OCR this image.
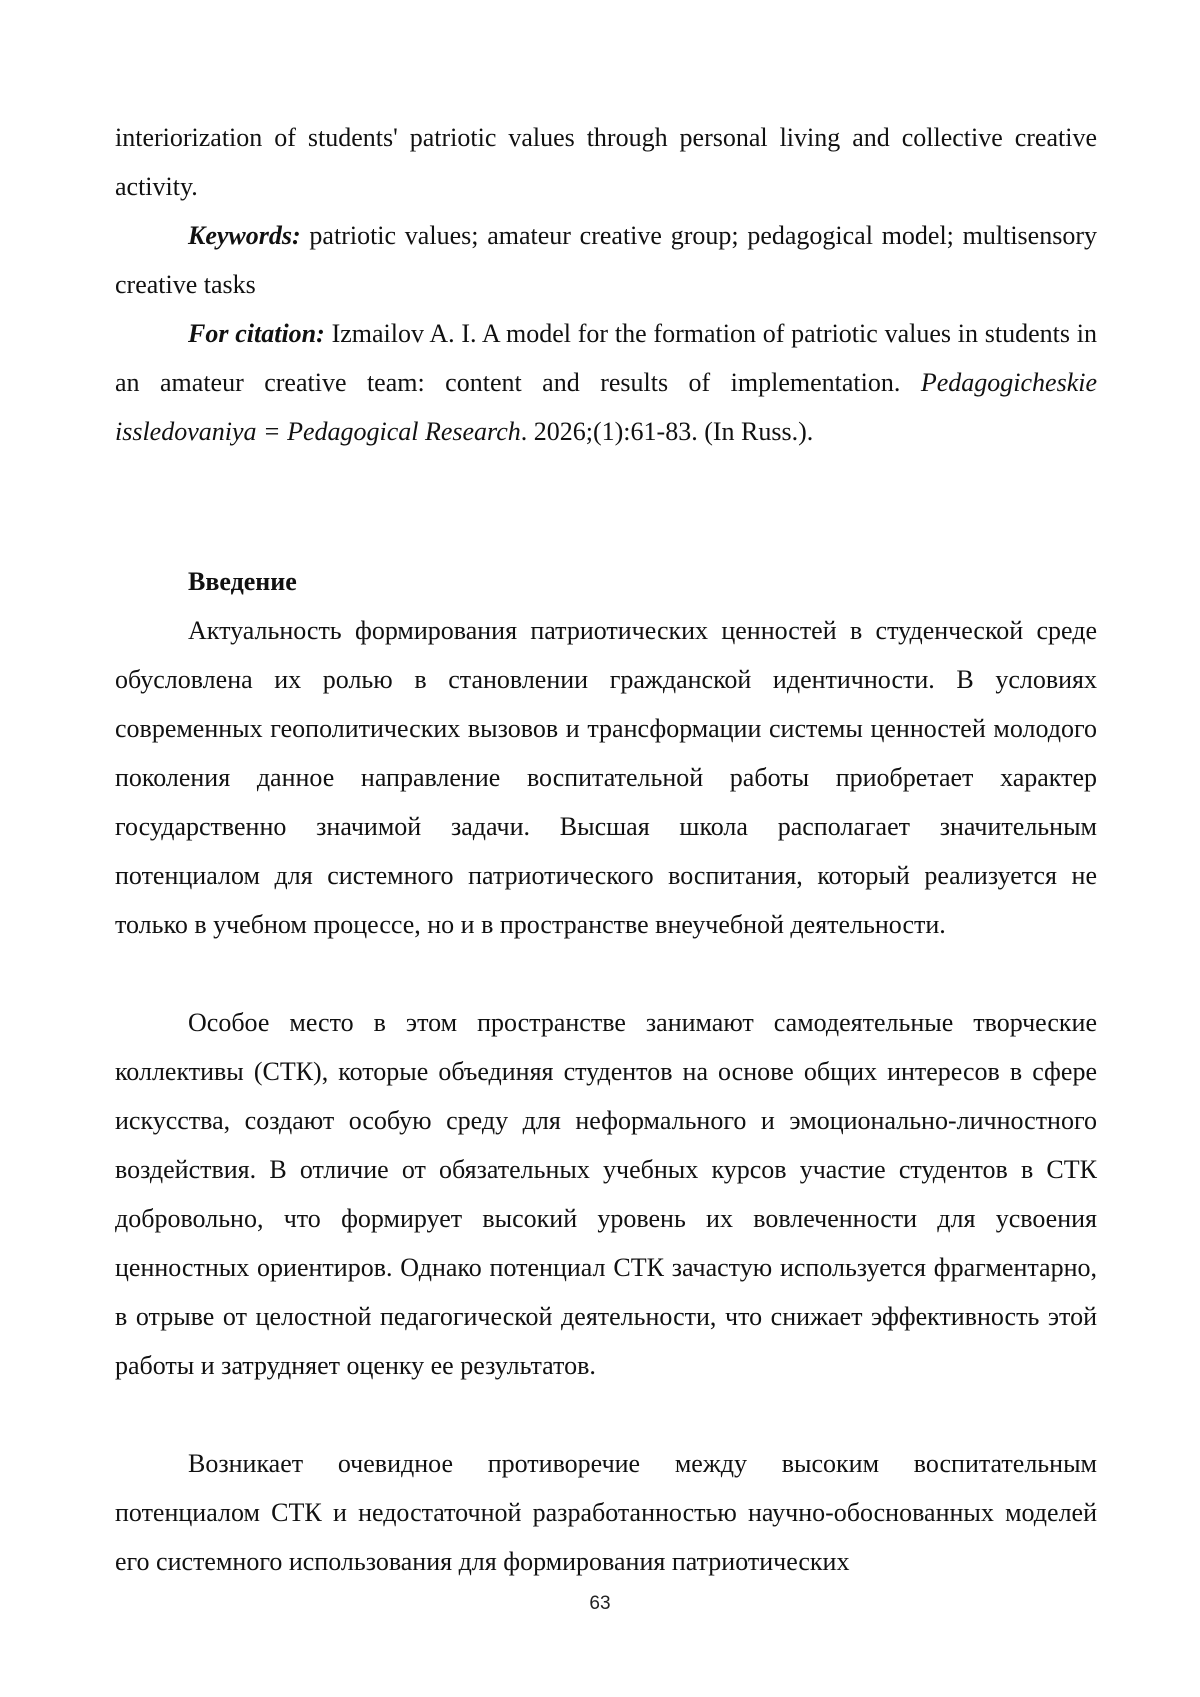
interiorization of students' patriotic values through personal living and collective creative activity.

Keywords: patriotic values; amateur creative group; pedagogical model; multisensory creative tasks

For citation: Izmailov A. I. A model for the formation of patriotic values in students in an amateur creative team: content and results of implementation. Pedagogicheskie issledovaniya = Pedagogical Research. 2026;(1):61-83. (In Russ.).

Введение

Актуальность формирования патриотических ценностей в студенческой среде обусловлена их ролью в становлении гражданской идентичности. В условиях современных геополитических вызовов и трансформации системы ценностей молодого поколения данное направление воспитательной работы приобретает характер государственно значимой задачи. Высшая школа располагает значительным потенциалом для системного патриотического воспитания, который реализуется не только в учебном процессе, но и в пространстве внеучебной деятельности.

Особое место в этом пространстве занимают самодеятельные творческие коллективы (СТК), которые объединяя студентов на основе общих интересов в сфере искусства, создают особую среду для неформального и эмоционально-личностного воздействия. В отличие от обязательных учебных курсов участие студентов в СТК добровольно, что формирует высокий уровень их вовлеченности для усвоения ценностных ориентиров. Однако потенциал СТК зачастую используется фрагментарно, в отрыве от целостной педагогической деятельности, что снижает эффективность этой работы и затрудняет оценку ее результатов.

Возникает очевидное противоречие между высоким воспитательным потенциалом СТК и недостаточной разработанностью научно-обоснованных моделей его системного использования для формирования патриотических

63
